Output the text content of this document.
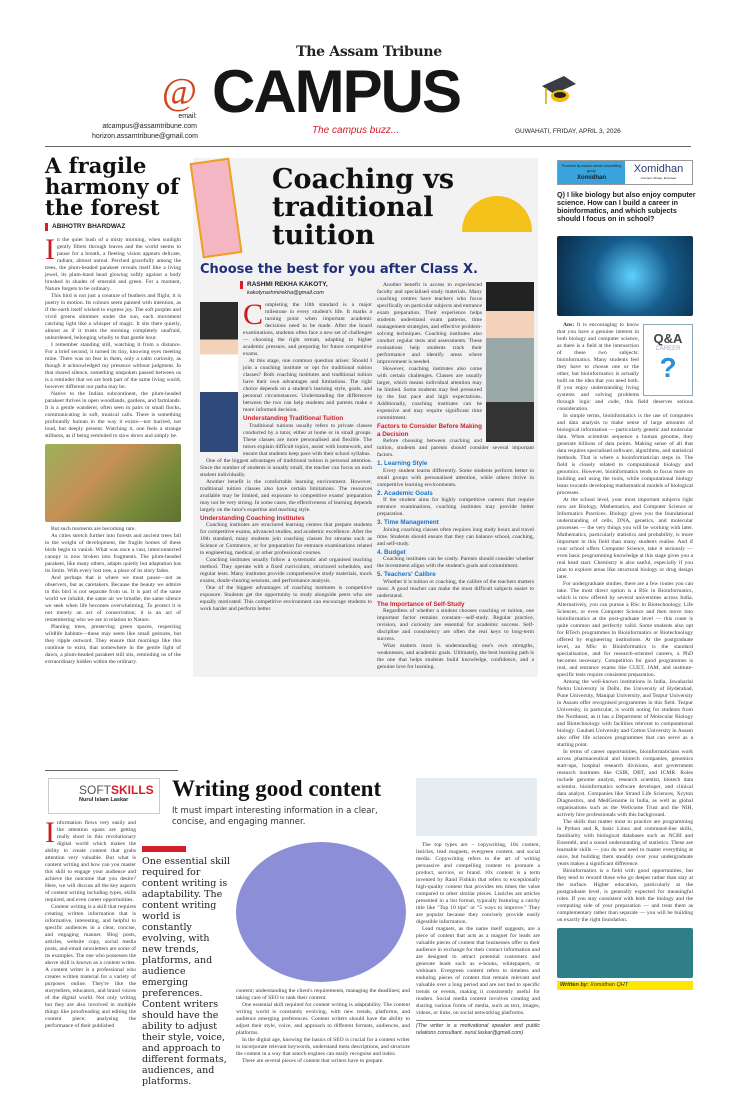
The Assam Tribune
@ CAMPUS
email: atcampus@assamtribune.com
horizon.assamtribune@gmail.com
The campus buzz...	GUWAHATI, FRIDAY, APRIL 3, 2026
A fragile harmony of the forest
ABIHOTRY BHARDWAZ
I n the quiet hush of a misty morning, when sunlight gently filters through leaves and the world seems to pause for a breath, a fleeting vision appears delicate, radiant, almost unreal. Perched gracefully among the trees, the plum-headed parakeet reveals itself like a living jewel, its plum-hued head glowing softly against a body brushed in shades of emerald and green. For a moment, Nature forgets to be ordinary.

This bird is not just a creature of feathers and flight, it is poetry in motion. Its colours seem painted with intention, as if the earth itself wished to express joy. The soft purples and vivid greens shimmer under the sun, each movement catching light like a whisper of magic. It sits there quietly, almost as if it trusts the morning completely unafraid, unburdened, belonging wholly to that gentle hour.

I remember standing still, watching it from a distance. For a brief second, it turned its tiny, knowing eyes meeting mine. There was no fear in them, only a calm curiosity, as though it acknowledged my presence without judgment. In that shared silence, something unspoken passed between us is a reminder that we are both part of the same living world, however different our paths may be.

Native to the Indian subcontinent, the plum-headed parakeet thrives in open woodlands, gardens, and farmlands. It is a gentle wanderer, often seen in pairs or small flocks, communicating in soft, musical calls. There is something profoundly human in the way it exists—not hurried, not loud, but deeply present. Watching it, one feels a strange stillness, as if being reminded to slow down and simply be.

But such moments are becoming rare.

As cities stretch further into forests and ancient trees fall to the weight of development, the fragile homes of these birds begin to vanish. What was once a vast, interconnected canopy is now broken into fragments. The plum-headed parakeet, like many others, adapts quietly but adaptation has its limits. With every lost tree, a piece of its story fades.

And perhaps that is where we must pause—not as observers, but as caretakers. Because the beauty we admire in this bird is not separate from us. It is part of the same world we inhabit, the same air we breathe, the same silence we seek when life becomes overwhelming. To protect it is not merely an act of conservation; it is an act of remembering who we are in relation to Nature.

Planting trees, preserving green spaces, respecting wildlife habitats—these may seem like small gestures, but they ripple outward. They ensure that mornings like this continue to exist, that somewhere in the gentle light of dawn, a plum-headed parakeet still sits, reminding us of the extraordinary hidden within the ordinary.

Coaching vs traditional tuition
Choose the best for you after Class X.
RASHMI REKHA KAKOTY,
kakotyrashmirekha@gmail.com
C ompleting the 10th standard is a major milestone in every student's life. It marks a turning point when important academic decisions need to be made. After the board examinations, students often face a new set of challenges — choosing the right stream, adapting to higher academic pressure, and preparing for future competitive exams.

At this stage, one common question arises: Should I join a coaching institute or opt for traditional tuition classes? Both coaching institutes and traditional tuition have their own advantages and limitations. The right choice depends on a student's learning style, goals, and personal circumstances. Understanding the differences between the two can help students and parents make a more informed decision.

Understanding Traditional Tuition

Traditional tuitions usually refers to private classes conducted by a tutor, either at home or in small groups. These classes are more personalised and flexible. The tutors explain difficult topics, assist with homework, and ensure that students keep pace with their school syllabus.

One of the biggest advantages of traditional tuition is personal attention. Since the number of students is usually small, the teacher can focus on each student individually.

Another benefit is the comfortable learning environment. However, traditional tuition classes also have certain limitations. The resources available may be limited, and exposure to competitive exams' preparation may not be very strong. In some cases, the effectiveness of learning depends largely on the tutor's expertise and teaching style.

Understanding Coaching Institutes

Coaching institutes are structured learning centres that prepare students for competitive exams, advanced studies, and academic excellence. After the 10th standard, many students join coaching classes for streams such as Science or Commerce, or for preparation for entrance examinations related to engineering, medical, or other professional courses.

Coaching institutes usually follow a systematic and organised teaching method. They operate with a fixed curriculum, structured schedules, and regular tests. Many institutes provide comprehensive study materials, mock exams, doubt-clearing sessions, and performance analysis.

One of the biggest advantages of coaching institutes is competitive exposure. Students get the opportunity to study alongside peers who are equally motivated. This competitive environment can encourage students to work harder and perform better.

Another benefit is access to experienced faculty and specialised study materials. Many coaching centres have teachers who focus specifically on particular subjects and entrance exam preparation. Their experience helps students understand exam patterns, time management strategies, and effective problem-solving techniques. Coaching institutes also conduct regular tests and assessments. These evaluations help students track their performance and identify areas where improvement is needed.

However, coaching institutes also come with certain challenges. Classes are usually larger, which means individual attention may be limited. Some students may feel pressured by the fast pace and high expectations. Additionally, coaching institutes can be expensive and may require significant time commitment.

Factors to Consider Before Making a Decision

Before choosing between coaching and tuition, students and parents should consider several important factors.

1. Learning Style

Every student learns differently. Some students perform better in small groups with personalised attention, while others thrive in competitive learning environments.

2. Academic Goals

If the student aims for highly competitive careers that require entrance examinations, coaching institutes may provide better preparation.

3. Time Management

Joining coaching classes often requires long study hours and travel time. Students should ensure that they can balance school, coaching, and self-study.

4. Budget

Coaching institutes can be costly. Parents should consider whether the investment aligns with the student's goals and commitment.

5. Teachers' Calibre

Whether it is tuition or coaching, the calibre of the teachers matters most. A good teacher can make the most difficult subjects easier to understand.

The Importance of Self-Study

Regardless of whether a student chooses coaching or tuition, one important factor remains constant—self-study. Regular practice, revision, and curiosity are essential for academic success. Self-discipline and consistency are often the real keys to long-term success.

What matters most is understanding one's own strengths, weaknesses, and academic goals. Ultimately, the best learning path is the one that helps students build knowledge, confidence, and a genuine love for learning.

Powered by assam career counselling group
Xomidhan
Xomidhan
Connect. Shape. Empower
Q) I like biology but also enjoy computer science. How can I build a career in bioinformatics, and which subjects should I focus on in school?
Q&A
CAREER
?

Ans: It is encouraging to know that you have a genuine interest in both biology and computer science, as there is a field at the intersection of these two subjects: bioinformatics. Many students feel they have to choose one or the other, but bioinformatics is actually built on the idea that you need both. If you enjoy understanding living systems and solving problems through logic and code, this field deserves serious consideration.

In simple terms, bioinformatics is the use of computers and data analysis to make sense of large amounts of biological information — particularly genetic and molecular data. When scientists sequence a human genome, they generate billions of data points. Making sense of all that data requires specialised software, algorithms, and statistical methods. That is where a bioinformatician steps in. The field is closely related to computational biology and genomics. However, bioinformatics tends to focus more on building and using the tools, while computational biology leans towards developing mathematical models of biological processes.

At the school level, your most important subjects right now are Biology, Mathematics, and Computer Science or Informatics Practices. Biology gives you the foundational understanding of cells, DNA, genetics, and molecular processes — the very things you will be working with later. Mathematics, particularly statistics and probability, is more important in this field than many students realise. And if your school offers Computer Science, take it seriously — even basic programming knowledge at this stage gives you a real head start. Chemistry is also useful, especially if you plan to explore areas like structural biology or drug design later.

For undergraduate studies, there are a few routes you can take. The most direct option is a BSc in Bioinformatics, which is now offered by several universities across India. Alternatively, you can pursue a BSc in Biotechnology, Life Sciences, or even Computer Science and then move into bioinformatics at the post-graduate level — this route is quite common and perfectly valid. Some students also opt for BTech programmes in Bioinformatics or Biotechnology offered by engineering institutions. At the postgraduate level, an MSc in Bioinformatics is the standard specialisation, and for research-oriented careers, a PhD becomes necessary. Competition for good programmes is real, and entrance exams like CUET, JAM, and institute-specific tests require consistent preparation.

Among the well-known institutions in India, Jawaharlal Nehru University in Delhi, the University of Hyderabad, Pune University, Manipal University, and Tezpur University in Assam offer recognised programmes in this field. Tezpur University, in particular, is worth noting for students from the Northeast, as it has a Department of Molecular Biology and Biotechnology with facilities relevant to computational biology. Gauhati University and Cotton University in Assam also offer life sciences programmes that can serve as a starting point.

In terms of career opportunities, bioinformaticians work across pharmaceutical and biotech companies, genomics start-ups, hospital research divisions, and government research institutes like CSIR, DBT, and ICMR. Roles include genome analyst, research scientist, biotech data scientist, bioinformatics software developer, and clinical data analyst. Companies like Strand Life Sciences, Xcyton Diagnostics, and MedGenome in India, as well as global organisations such as the Wellcome Trust and the NIH, actively hire professionals with this background.

The skills that matter most in practice are programming in Python and R, basic Linux and command-line skills, familiarity with biological databases such as NCBI and Ensembl, and a sound understanding of statistics. These are learnable skills — you do not need to master everything at once, but building them steadily over your undergraduate years makes a significant difference.

Bioinformatics is a field with good opportunities, but they tend to reward those who go deeper rather than stay at the surface. Higher education, particularly at the postgraduate level, is generally expected for meaningful roles. If you stay consistent with both the biology and the computing side of your preparation — and treat them as complementary rather than separate — you will be building on exactly the right foundation.

Written by: Xomidhan QHT
SOFTSKILLS
Nurul Islam Laskar	Writing good content
It must impart interesting information in a clear, concise, and engaging manner.
I nformation flows very easily and the attention spans are getting really short in this revolutionary digital world which makes the ability to create content that grabs attention very valuable. But what is content writing and how can you master this skill to engage your audience and achieve the outcome that you desire? Here, we will discuss all the key aspects of content writing including types, skills required, and even career opportunities.

Content writing is a skill that requires creating written information that is informative, interesting, and helpful to specific audiences in a clear, concise, and engaging manner. Blog posts, articles, website copy, social media posts, and email newsletters are some of its examples. The one who possesses the above skill is known as a content writer. A content writer is a professional who creates written material for a variety of purposes online. They're like the storytellers, educators, and brand voices of the digital world. Not only writing but they are also involved in multiple things like proofreading and editing the content piece; analysing the performance of their published

One essential skill required for content writing is adaptability. The content writing world is constantly evolving, with new trends, platforms, and audience emerging preferences. Content writers should have the ability to adjust their style, voice, and approach to different formats, audiences, and platforms.

content; understanding the client's requirements, managing the deadlines; and taking care of SEO to rank their content.

One essential skill required for content writing is adaptability. The content writing world is constantly evolving, with new trends, platforms, and audience emerging preferences. Content writers should have the ability to adjust their style, voice, and approach to different formats, audiences, and platforms.

In the digital age, knowing the basics of SEO is crucial for a content writer to incorporate relevant keywords, understand meta descriptions, and structure the content in a way that search engines can easily recognise and index.

There are several pieces of content that writers have to prepare.

The top types are – copywriting, 10x content, listicles, lead magnets, evergreen content, and social media. Copywriting refers to the art of writing persuasive and compelling content to promote a product, service, or brand. 10x content is a term invented by Rand Fishkin that refers to exceptionally high-quality content that provides ten times the value compared to other similar pieces. Listicles are articles presented in a list format, typically featuring a catchy title like "Top 10 tips" or "5 ways to improve." They are popular because they concisely provide easily digestible information.

Lead magnets, as the name itself suggests, are a piece of content that acts as a magnet for leads are valuable pieces of content that businesses offer to their audience in exchange for their contact information and are designed to attract potential customers and generate leads such as e-books, whitepapers, or webinars. Evergreen content refers to timeless and enduring pieces of content that remain relevant and valuable over a long period and are not tied to specific trends or events, making it consistently useful for readers. Social media content involves creating and sharing various forms of media, such as text, images, videos, or links, on social networking platforms.

(The writer is a motivational speaker and public relations consultant. nurul.laskar@gmail.com)
